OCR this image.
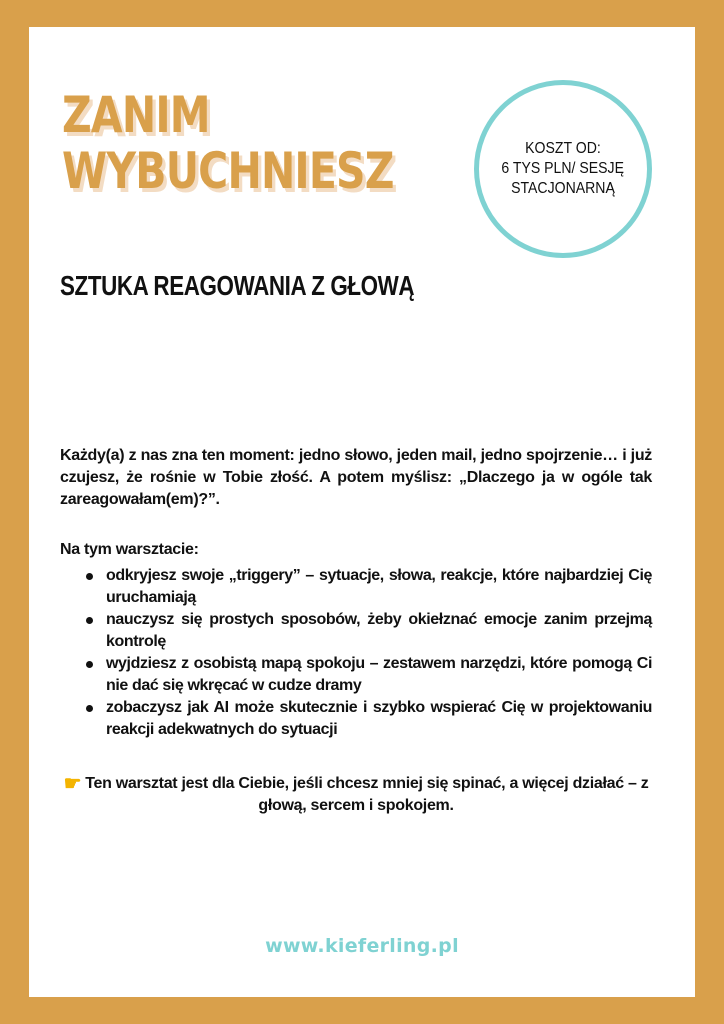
ZANIM
WYBUCHNIESZ	KOSZT OD:
6 TYS PLN/ SESJĘ
STACJONARNĄ
SZTUKA REAGOWANIA Z GŁOWĄ

Każdy(a) z nas zna ten moment: jedno słowo, jeden mail, jedno spojrzenie… i już czujesz, że rośnie w Tobie złość. A potem myślisz: „Dlaczego ja w ogóle tak zareagowałam(em)?”.

Na tym warsztacie:

odkryjesz swoje „triggery” – sytuacje, słowa, reakcje, które najbardziej Cię uruchamiają
nauczysz się prostych sposobów, żeby okiełznać emocje zanim przejmą kontrolę
wyjdziesz z osobistą mapą spokoju – zestawem narzędzi, które pomogą Ci nie dać się wkręcać w cudze dramy
zobaczysz jak AI może skutecznie i szybko wspierać Cię w projektowaniu reakcji adekwatnych do sytuacji

☛ Ten warsztat jest dla Ciebie, jeśli chcesz mniej się spinać, a więcej działać – z głową, sercem i spokojem.

www.kieferling.pl
